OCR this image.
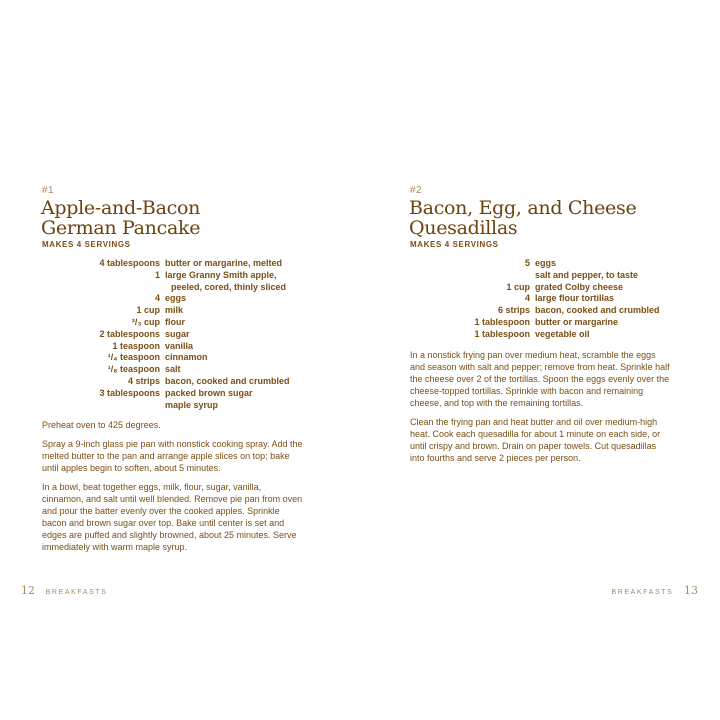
#1
Apple-and-Bacon
German Pancake
MAKES 4 SERVINGS
4 tablespoons butter or margarine, melted
1 large Granny Smith apple,
peeled, cored, thinly sliced
4 eggs
1 cup milk
²/₃ cup flour
2 tablespoons sugar
1 teaspoon vanilla
¹/₄ teaspoon cinnamon
¹/₈ teaspoon salt
4 strips bacon, cooked and crumbled
3 tablespoons packed brown sugar
maple syrup

Preheat oven to 425 degrees.

Spray a 9-inch glass pie pan with nonstick cooking spray. Add the melted butter to the pan and arrange apple slices on top; bake until apples begin to soften, about 5 minutes.

In a bowl, beat together eggs, milk, flour, sugar, vanilla, cinnamon, and salt until well blended. Remove pie pan from oven and pour the batter evenly over the cooked apples. Sprinkle bacon and brown sugar over top. Bake until center is set and edges are puffed and slightly browned, about 25 minutes. Serve immediately with warm maple syrup.

12 BREAKFASTS
#2
Bacon, Egg, and Cheese
Quesadillas
MAKES 4 SERVINGS
5 eggs
salt and pepper, to taste
1 cup grated Colby cheese
4 large flour tortillas
6 strips bacon, cooked and crumbled
1 tablespoon butter or margarine
1 tablespoon vegetable oil

In a nonstick frying pan over medium heat, scramble the eggs and season with salt and pepper; remove from heat. Sprinkle half the cheese over 2 of the tortillas. Spoon the eggs evenly over the cheese-topped tortillas. Sprinkle with bacon and remaining cheese, and top with the remaining tortillas.

Clean the frying pan and heat butter and oil over medium-high heat. Cook each quesadilla for about 1 minute on each side, or until crispy and brown. Drain on paper towels. Cut quesadillas into fourths and serve 2 pieces per person.

BREAKFASTS 13
